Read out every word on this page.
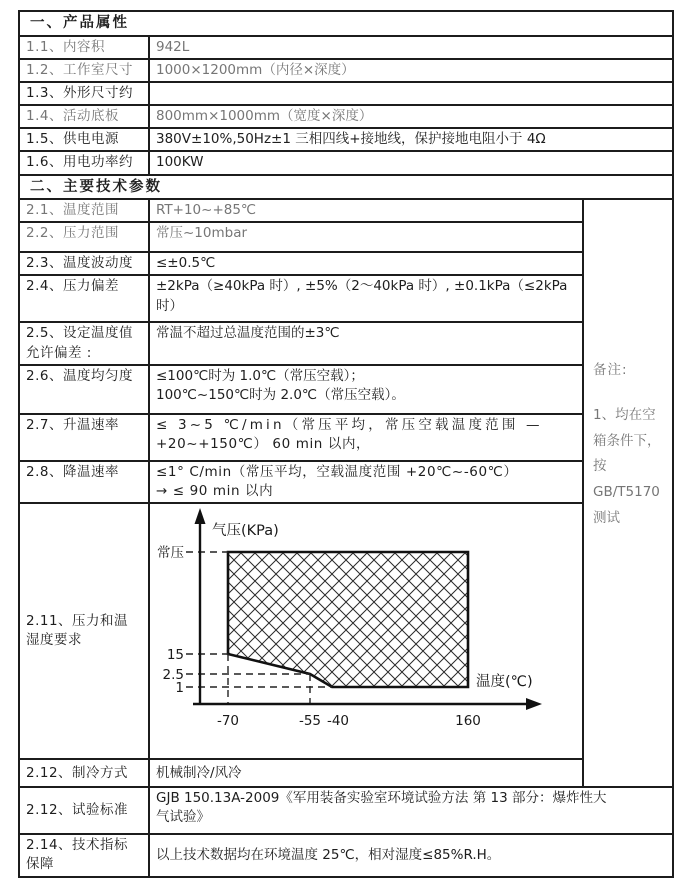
一、产品属性		
1.1、内容积	942L	
1.2、工作室尺寸	1000×1200mm（内径×深度）	
1.3、外形尺寸约		
1.4、活动底板	800mm×1000mm（宽度×深度）	
1.5、供电电源	380V±10%,50Hz±1 三相四线+接地线，保护接地电阻小于 4Ω	
1.6、用电功率约	100KW	
二、主要技术参数		
2.1、温度范围	RT+10~+85℃	
备注:
1、均在空
箱条件下，
按
GB/T5170
测试

2.2、压力范围	常压~10mbar	
2.3、温度波动度	≤±0.5℃	
2.4、压力偏差	±2kPa（≥40kPa 时）, ±5%（2～40kPa 时）, ±0.1kPa（≤2kPa
时）	

2.5、设定温度值
允许偏差 :	常温不超过总温度范围的±3℃	
2.6、温度均匀度	≤100℃时为 1.0℃（常压空载）；
100℃~150℃时为 2.0℃（常压空载）。	

2.7、升温速率	≤ 3~5 ℃/min（常压平均，常压空载温度范围 —
+20~+150℃） 60 min 以内，	

2.8、降温速率	≤1° C/min（常压平均，空载温度范围 +20℃~-60℃）
→ ≤ 90 min 以内	

2.11、压力和温
湿度要求

气压(KPa)
温度(℃)
常压
15
2.5
1
-70	-55 -40	160

2.12、制冷方式	机械制冷/风冷	
2.12、试验标准	GJB 150.13A-2009《军用装备实验室环境试验方法 第 13 部分：爆炸性大
气试验》	

2.14、技术指标
保障	以上技术数据均在环境温度 25℃，相对湿度≤85%R.H。	
